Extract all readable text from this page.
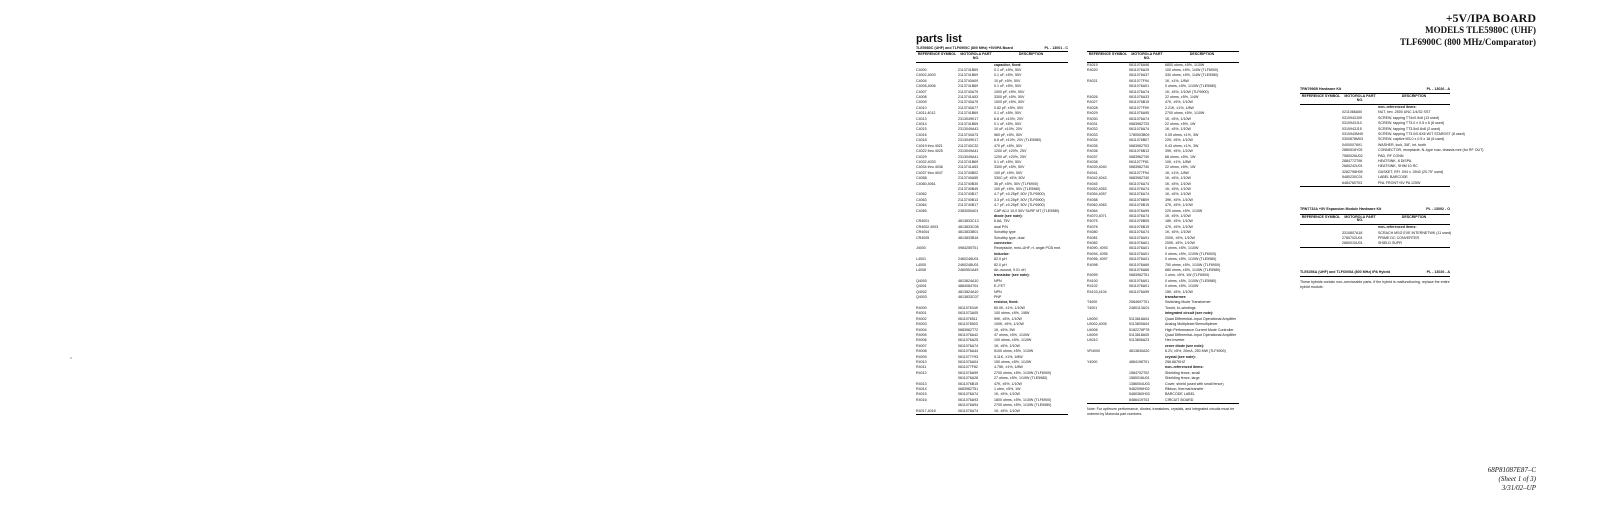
+5V/IPA BOARD
MODELS TLE5980C (UHF)
TLF6900C (800 MHz/Comparator)
parts list
TLE5980C (UHF) and TLF6900C (800 MHz) +5V/IPA Board	PL - 13001 - C
REFERENCE SYMBOL	MOTOROLA PART NO.
DESCRIPTION
capacitor, fixed:
C4000	2113741B69	0.1 uF, ±5%, 50V
C4002,4003	2113741B69	0.1 uF, ±5%, 50V
C4004	2113740A09	10 pF, ±5%, 50V
C4005,4006	2113741B69	0.1 uF, ±5%, 50V
C4007	2113740A79	1000 pF, ±5%, 50V
C4008	2113741A53	3300 pF, ±5%, 50V
C4009	2113740A79	1000 pF, ±5%, 50V
C4010	2113740A77	0.82 pF, ±5%, 50V
C4011,4012	2113741B69	0.1 uF, ±5%, 50V
C4013	2313049K17	6.8 uF, ±10%, 20V
C4014	2113741B69	0.1 uF, ±5%, 50V
C4015	2313049A43	10 uF, ±10%, 20V
C4016	2113740A73	560 pF, ±5%, 50V
C4018	2313049K17	6.8 uF, ±10%, 20V (TLE5980)
C4019 thru 4021	2113740C32	470 pF, ±5%, 50V
C4022 thru 4025	2313049A41	1200 uF, ±20%, 25V
C4029	2313049A41	1200 uF, ±20%, 25V
C4032,4033	2113741B69	0.1 uF, ±5%, 50V
C4034 thru 4036	2113741A53	3300 pF, ±5%, 50V
C4037 thru 4047	2113740B02	100 pF, ±5%, 50V
C4058	2113740A55	330C pF, ±5%, 50V
C4060,4061	2113740B30	36 pF, ±5%, 50V (TLF6900)
2113740B49	100 pF, ±5%, 50V (TLE5980)
C4062	2113740B17	4.7 pF, ±0.25pF, 50V (TLF6900)
C4063	2113740B13	3.3 pF, ±0.25pF, 50V (TLF6900)
C4064	2113740B17	4.7 pF, ±0.25pF, 50V (TLF6900)
C4065	2383050A01	CAP ALU 10.0 50V SURF MT (TLE5980)
diode (see note):
CR4001	4813833C13	6.8A, 75V
CR4002,4003	4813833C06	dual P/N
CR4004	4813833B01	Schottky type
CR4005	4813833B16	Schottky type, dual
connector:
J4000	0984255T01	Receptacle, mini–UHF, rt. angle PCB mnt.
inductor:
L4001	2460248U01	82.0 µH
L4005	2460248U01	82.0 µH
L4006	2460551A49	Air–wound, 9.01 nH
transistor (see note):
Q4000	4813824A10	NPN
Q4001	4884084T04	E–FET
Q4002	4813824A10	NPN
Q4003	4813833C07	PNP
resistor, fixed:
R4000	0611076349	60.0K, ±1%, 1/10W
R4001	0611073A05	100 ohms, ±5%, 1/8W
R4002	0611076511	59K, ±5%, 1/10W
R4003	0611076503	100K, ±5%, 1/10W
R4004	0683962T72	1K, ±5%, 5W
R4005	0611076A42	47 ohms, ±5%, 1/10W
R4006	0611076A25	100 ohms, ±5%, 1/10W
R4007	0611076A74	1K, ±5%, 1/10W
R4008	0611076A44	5100 ohms, ±5%, 1/10W
R4009	0611077Y93	5.11K, ±1%, 1/8W
R4010	0611076A04	150 ohms, ±5%, 1/10W
R4011	0611077F82	4.75K, ±1%, 1/8W
R4012	0611076A99	2700 ohms, ±5%, 1/10W (TLF6900)
0611076A28	27 ohms, ±5%, 1/10W (TLE5980)
R4013	0611076B15	47K, ±5%, 1/10W
R4014	0683962T51	1 ohm, ±5%, 1W
R4015	0611076A74	1K, ±5%, 1/10W
R4016	0611076A93	1800 ohms, ±5%, 1/10W (TLF6900)
0611076A94	2700 ohms, ±5%, 1/10W (TLE5980)
R4017,4018	0611076A74	1K, ±5%, 1/10W
REFERENCE SYMBOL	MOTOROLA PART NO.
DESCRIPTION
R4019	0611076A98	6800 ohms, ±5%, 1/10W
R4020	0611076A25	100 ohms, ±5%, 1/4W (TLF6900)
0611076A37	330 ohms, ±5%, 1/4W (TLE5980)
R4021	0611077F94	1K, ±1%, 1/8W
0611076A01	0 ohms, ±5%, 1/10W (TLE5980)
0611076A74	1K, ±5%, 1/10W (TLF6900)
R4026	0611076A33	22 ohms, ±5%, 1/4W
R4027	0611076B15	47K, ±5%, 1/10W
R4028	0611077F59	2.21K, ±1%, 1/8W
R4029	0611076A95	2700 ohms, ±5%, 1/10W
R4030	0611076A74	1K, ±5%, 1/10W
R4031	0683962T33	22 ohms, ±5%, 1W
R4032	0611076A74	1K, ±5%, 1/10W
R4033	1780503B09	0.05 ohms, ±1%, 3W
R4034	0611076B07	22K, ±5%, 1/10W
R4035	0683962T03	0.43 ohms, ±1%, 3W
R4036	0611076B13	39K, ±5%, 1/10W
R4037	0683962T40	68 ohms, ±5%, 1W
R4038	0611077F81	10K, ±1%, 1/8W
R4039,4040	0683962T40	22 ohms, ±5%, 1W
R4041	0611077F94	1K, ±1%, 1/8W
R4042,4043	0683962T40	1K, ±5%, 1/10W
R4045	0611076A74	1K, ±5%, 1/10W
R4052,4053	0611076A74	1K, ±5%, 1/10W
R4054,4057	0611076A74	1K, ±5%, 1/10W
R4058	0611076B09	39K, ±5%, 1/10W
R4062,4063	0611076B15	47K, ±5%, 1/10W
R4064	0611076A99	220 ohms, ±5%, 1/10W
R4070,4071	0611076A74	1K, ±5%, 1/10W
R4075	0611076B05	18K, ±5%, 1/10W
R4076	0611076B15	47K, ±5%, 1/10W
R4080	0611076A74	1K, ±5%, 1/10W
R4081	0611076A91	200K, ±5%, 1/10W
R4082	0611076A01	200K, ±5%, 1/10W
R4090, 4093	0611076A01	0 ohms, ±5%, 1/10W
R4094, 4095	0611076A01	0 ohms, ±5%, 1/10W (TLF6900)
R4096, 4097	0611076A01	0 ohms, ±5%, 1/10W (TLE5980)
R4098	0611076A69	750 ohms, ±5%, 1/10W (TLF6900)
0611076A66	680 ohms, ±5%, 1/10W (TLE5980)
R4099	0683962T51	1 ohm, ±5%, 1W (TLF6900)
R4100	0611076A01	0 ohms, ±5%, 1/10W (TLE5980)
R4102	0611076A01	0 ohms, ±5%, 1/10W
R4103,4104	0611076A99	15K, ±5%, 1/10W
transformer:
T4000	2584697T01	Switching Mode Transformer
T4001	2480113U01	Torold, bi–windings
integrated circuit (see note):
U4000	5113818A04	Quad Differential–Input Operational Amplifier
U4002,4005	5113809A04	Analog Multiplexer/Demultiplexer
U4006	5182276P78	High Performance Current Mode Controller
U4009	5113818A05	Quad Differential–Input Operational Amplifier
U4010	5113806A23	Hex Inverter
zener diode (see note):
VR4000	4813830A20	6.2V, ±5%, 20mA, 250 MW (TLF6900)
crystal (see note):
Y4000	4884198T01	256.667KHZ
non–referenced items:
1584702T02	Shielding fence, small
1580016U01	Shielding fence, large
1386004U03	Cover, shield (used with small fence)
5482096H02	Ribbon, thermal transfer
5480360H03	BARCODE LABEL
8486419T03	CIRCUIT BOARD
Note: For optimum performance, diodes, transistors, crystals, and integrated circuits must be ordered by Motorola part numbers.
TRN7996B Hardware Kit	PL - 13026 - A
REFERENCE SYMBOL	MOTOROLA PART NO.
DESCRIPTION
non–referenced items:
0211066A50	NUT, hex .2500 UNC 1/4/32 SST
0310943J09	SCREW, tapping TT4x0.5x8 (13 used)
0310943J10	SCREW, tapping TT3.0 x 0.5 x 6 (8 used)
0310943J15	SCREW, tapping TT3.5x0.6x8 (2 used)
0310943M49	SCREW, tapping TT3.0/0.6X6 W/T STARDST (8 used)
0300878M03	SCREW, captive M3.0 x 0.5 x 18 (6 used)
0400007691	WASHER, lock, 3/8", int. tooth
2880518Y09	CONNECTOR, receptacle, N–type rcav, chassis mnt (for RF OUT)
7580026U02	PAD, RF CONN
2884772T06	HEATSINK, 8 DISPA
2680242U01	HEATSINK, SHIM 10 RC
3282798H05	GASKET, RFI .094 x .0940 (20.75" used)
5480230C01	LABEL BARCODE
6484760T03	PNL FRONT+5V PA 125W
TRN7732A +5V Expansion Module Hardware Kit	PL - 13092 - O
REFERENCE SYMBOL	MOTOROLA PART NO.
DESCRIPTION
non–referenced items:
3310807A18	SCRACH MSG EXE INTERNETWK (11 used)
2780702U01	PRIME DC CONVERTER
2680010U01	SHIELD SUPR
TLE6356A (UHF) and TLF6005A (800 MHz) IPA Hybrid	PL - 13026 - A
These hybrids contain non–serviceable parts. If the hybrid is malfunctioning, replace the entire hybrid module.
68P81087E87–C
(Sheet 1 of 3)
3/31/02–UP
